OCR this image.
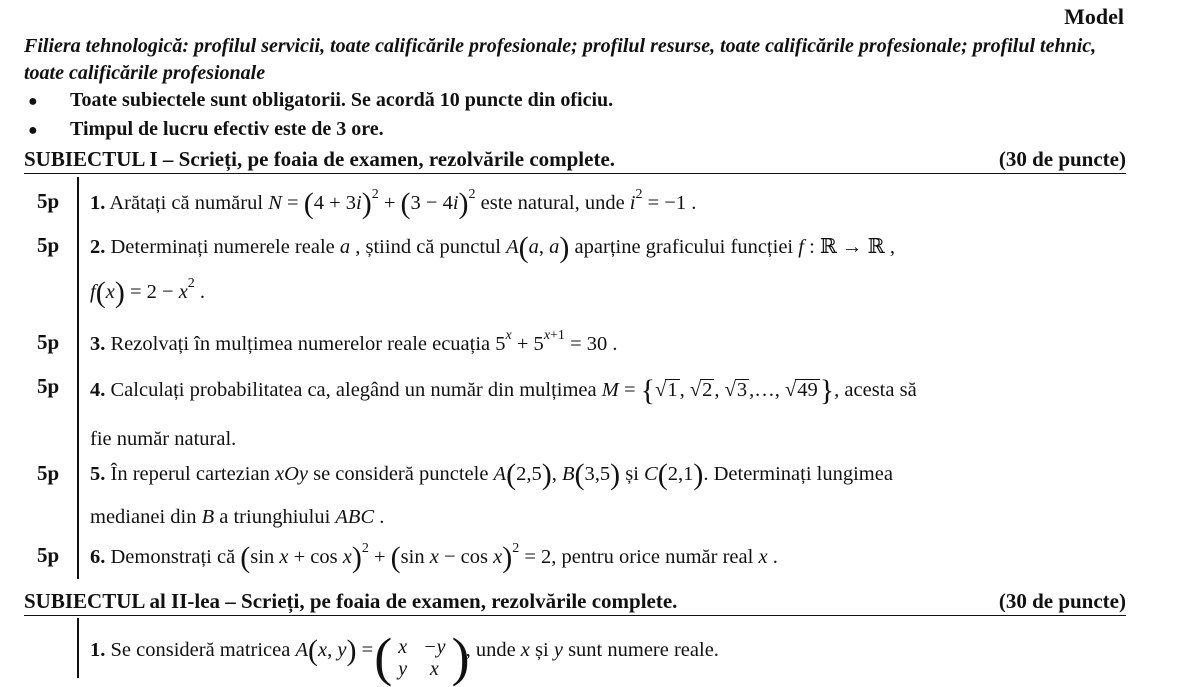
Model
Filiera tehnologică: profilul servicii, toate calificările profesionale; profilul resurse, toate calificările profesionale; profilul tehnic, toate calificările profesionale
●	Toate subiectele sunt obligatorii. Se acordă 10 puncte din oficiu.
●	Timpul de lucru efectiv este de 3 ore.
SUBIECTUL I – Scrieți, pe foaia de examen, rezolvările complete.	(30 de puncte)
5p 1. Arătați că numărul $N = (4 + 3i)^2 + (3 - 4i)^2$ este natural, unde $i^2 = -1$ .
5p 2. Determinați numerele reale a , știind că punctul A(a, a) aparține graficului funcției f : ℝ → ℝ ,
$f(x) = 2 - x^2$ .
5p 3. Rezolvați în mulțimea numerelor reale ecuația $5^x + 5^{x+1} = 30$ .
5p 4. Calculați probabilitatea ca, alegând un număr din mulțimea M = {√1, √2, √3,…, √49}, acesta să
fie număr natural.
5p 5. În reperul cartezian xOy se consideră punctele A(2,5), B(3,5) și C(2,1). Determinați lungimea
medianei din B a triunghiului ABC .
5p 6. Demonstrați că (sin x + cos x)$^2$ + (sin x − cos x)$^2$ = 2, pentru orice număr real x .
SUBIECTUL al II-lea – Scrieți, pe foaia de examen, rezolvările complete.	(30 de puncte)
1. Se consideră matricea A(x, y) =
( x	−y
y	x )
, unde x și y sunt numere reale.
